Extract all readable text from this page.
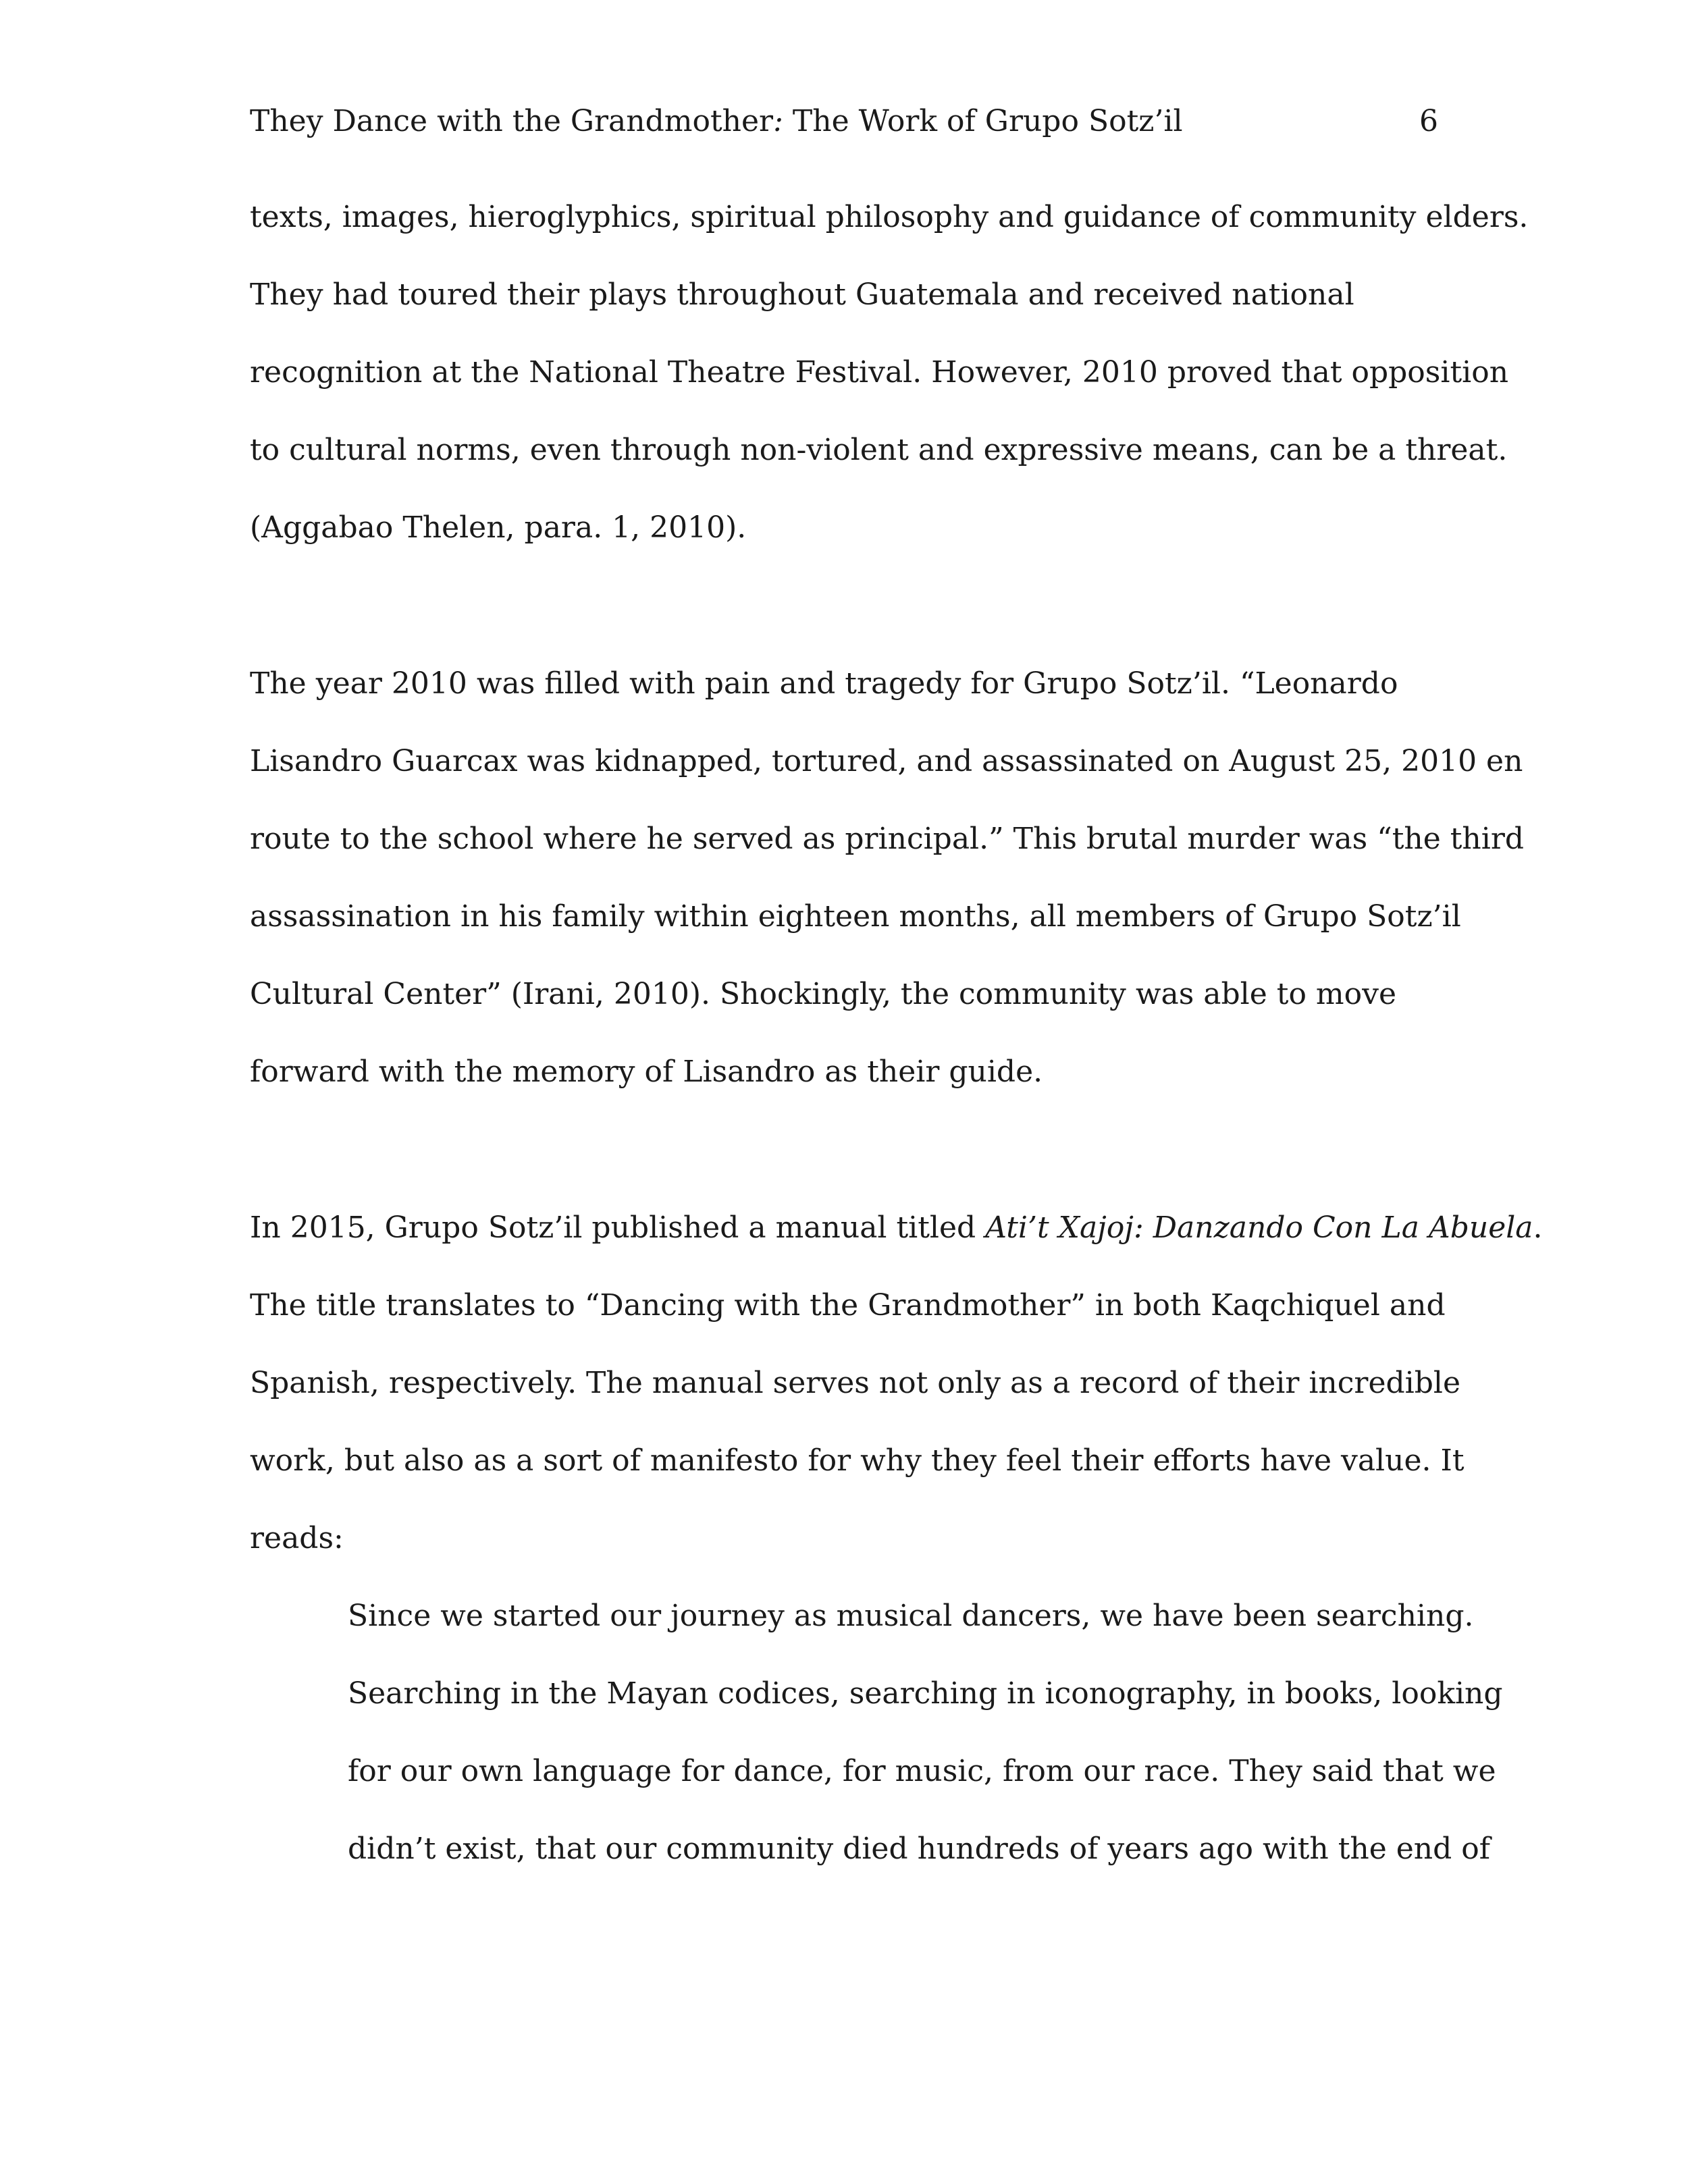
They Dance with the Grandmother: The Work of Grupo Sotz’il	6
texts, images, hieroglyphics, spiritual philosophy and guidance of community elders.
They had toured their plays throughout Guatemala and received national
recognition at the National Theatre Festival. However, 2010 proved that opposition
to cultural norms, even through non-violent and expressive means, can be a threat.
(Aggabao Thelen, para. 1, 2010).
The year 2010 was filled with pain and tragedy for Grupo Sotz’il. “Leonardo
Lisandro Guarcax was kidnapped, tortured, and assassinated on August 25, 2010 en
route to the school where he served as principal.” This brutal murder was “the third
assassination in his family within eighteen months, all members of Grupo Sotz’il
Cultural Center” (Irani, 2010). Shockingly, the community was able to move
forward with the memory of Lisandro as their guide.
In 2015, Grupo Sotz’il published a manual titled Ati’t Xajoj: Danzando Con La Abuela.
The title translates to “Dancing with the Grandmother” in both Kaqchiquel and
Spanish, respectively. The manual serves not only as a record of their incredible
work, but also as a sort of manifesto for why they feel their efforts have value. It
reads:
Since we started our journey as musical dancers, we have been searching.
Searching in the Mayan codices, searching in iconography, in books, looking
for our own language for dance, for music, from our race. They said that we
didn’t exist, that our community died hundreds of years ago with the end of
